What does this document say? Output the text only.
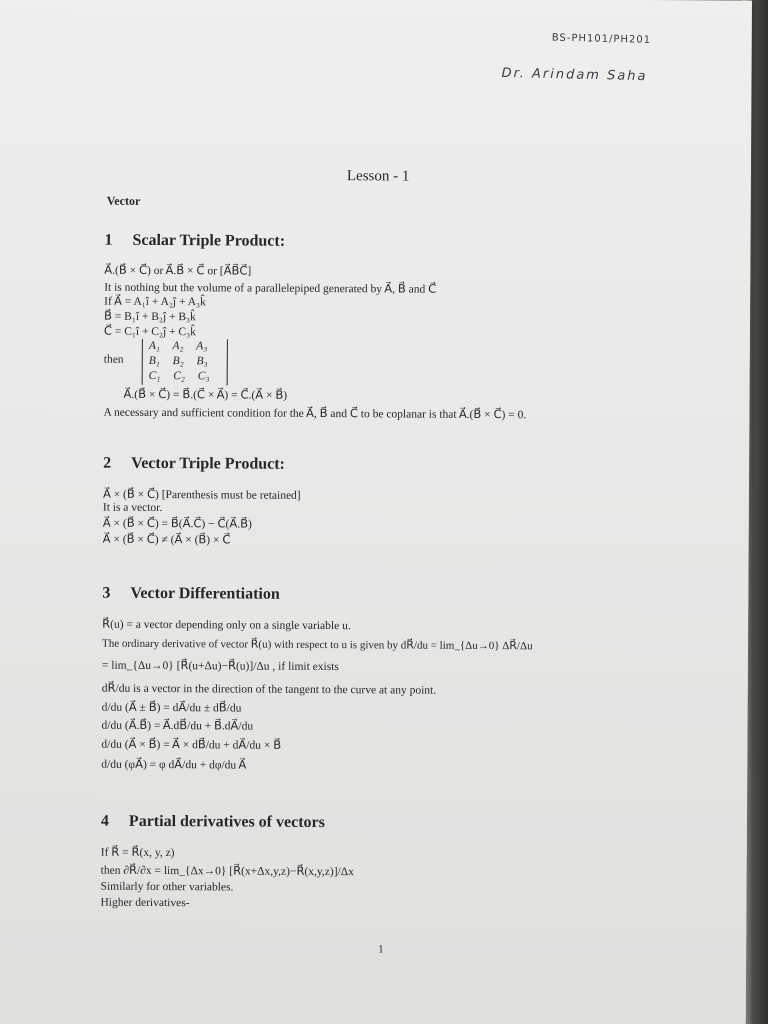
BS-PH101/PH201
Dr. Arindam Saha
Lesson - 1
Vector
1 Scalar Triple Product:
A⃗.(B⃗ × C⃗) or A⃗.B⃗ × C⃗ or [A⃗B⃗C⃗]
It is nothing but the volume of a parallelepiped generated by A⃗, B⃗ and C⃗
If A⃗ = A₁î + A₂ĵ + A₃k̂
B⃗ = B₁î + B₂ĵ + B₃k̂
C⃗ = C₁î + C₂ĵ + C₃k̂
then
A₁ A₂ A₃
B₁ B₂ B₃
C₁ C₂ C₃
A⃗.(B⃗ × C⃗) = B⃗.(C⃗ × A⃗) = C⃗.(A⃗ × B⃗)
A necessary and sufficient condition for the A⃗, B⃗ and C⃗ to be coplanar is that A⃗.(B⃗ × C⃗) = 0.
2 Vector Triple Product:
A⃗ × (B⃗ × C⃗) [Parenthesis must be retained]
It is a vector.
A⃗ × (B⃗ × C⃗) = B⃗(A⃗.C⃗) − C⃗(A⃗.B⃗)
A⃗ × (B⃗ × C⃗) ≠ (A⃗ × (B⃗) × C⃗
3 Vector Differentiation
R⃗(u) = a vector depending only on a single variable u.
The ordinary derivative of vector R⃗(u) with respect to u is given by dR⃗/du = lim_{Δu→0} ΔR⃗/Δu
= lim_{Δu→0} [R⃗(u+Δu)−R⃗(u)]/Δu , if limit exists
dR⃗/du is a vector in the direction of the tangent to the curve at any point.
d/du (A⃗ ± B⃗) = dA⃗/du ± dB⃗/du
d/du (A⃗.B⃗) = A⃗.dB⃗/du + B⃗.dA⃗/du
d/du (A⃗ × B⃗) = A⃗ × dB⃗/du + dA⃗/du × B⃗
d/du (φA⃗) = φ dA⃗/du + dφ/du A⃗
4 Partial derivatives of vectors
If R⃗ = R⃗(x, y, z)
then ∂R⃗/∂x = lim_{Δx→0} [R⃗(x+Δx,y,z)−R⃗(x,y,z)]/Δx
Similarly for other variables.
Higher derivatives-
1
